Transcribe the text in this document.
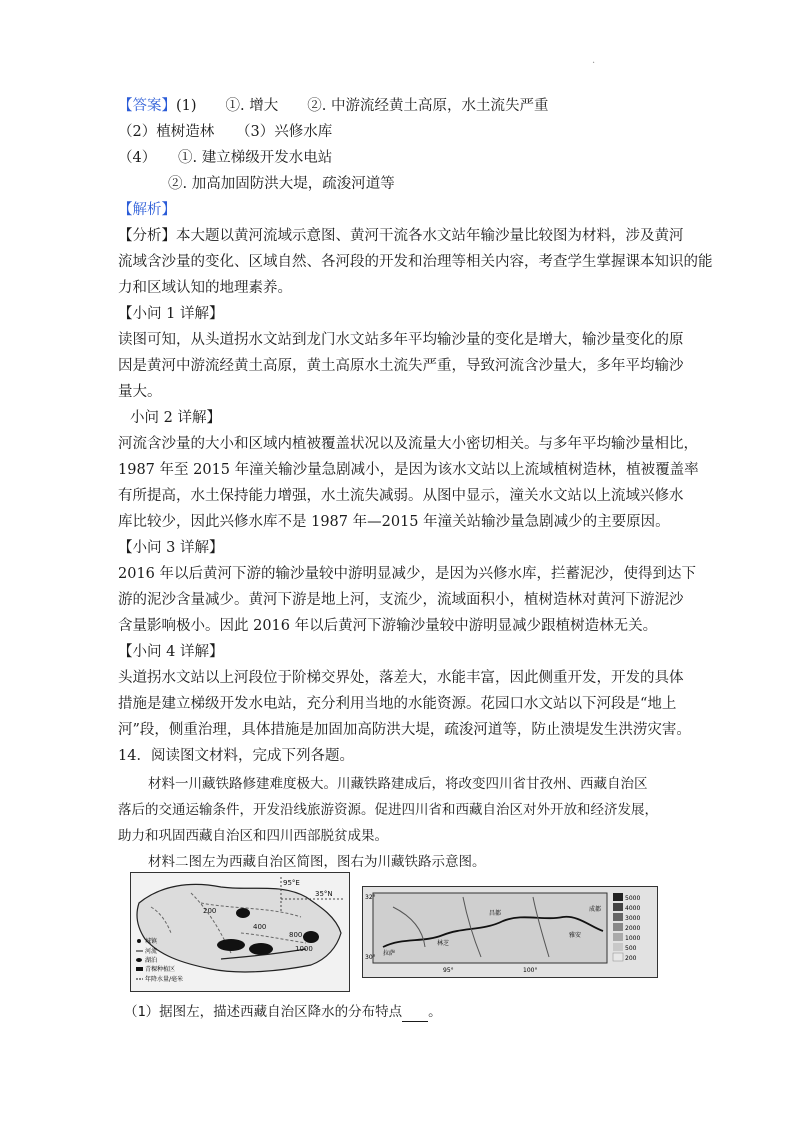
·
【答案】(1)　　①. 增大　　②. 中游流经黄土高原，水土流失严重
（2）植树造林　　（3）兴修水库
（4）　　①. 建立梯级开发水电站
②. 加高加固防洪大堤，疏浚河道等
【解析】
【分析】本大题以黄河流域示意图、黄河干流各水文站年输沙量比较图为材料，涉及黄河
流域含沙量的变化、区域自然、各河段的开发和治理等相关内容，考查学生掌握课本知识的能
力和区域认知的地理素养。
【小问 1 详解】
读图可知，从头道拐水文站到龙门水文站多年平均输沙量的变化是增大，输沙量变化的原
因是黄河中游流经黄土高原，黄土高原水土流失严重，导致河流含沙量大，多年平均输沙
量大。
小问 2 详解】
河流含沙量的大小和区域内植被覆盖状况以及流量大小密切相关。与多年平均输沙量相比，
1987 年至 2015 年潼关输沙量急剧减小，是因为该水文站以上流域植树造林，植被覆盖率
有所提高，水土保持能力增强，水土流失减弱。从图中显示，潼关水文站以上流域兴修水
库比较少，因此兴修水库不是 1987 年—2015 年潼关站输沙量急剧减少的主要原因。
【小问 3 详解】
2016 年以后黄河下游的输沙量较中游明显减少，是因为兴修水库，拦蓄泥沙，使得到达下
游的泥沙含量减少。黄河下游是地上河，支流少，流域面积小，植树造林对黄河下游泥沙
含量影响极小。因此 2016 年以后黄河下游输沙量较中游明显减少跟植树造林无关。
【小问 4 详解】
头道拐水文站以上河段位于阶梯交界处，落差大，水能丰富，因此侧重开发，开发的具体
措施是建立梯级开发水电站，充分利用当地的水能资源。花园口水文站以下河段是“地上
河”段，侧重治理，具体措施是加固加高防洪大堤，疏浚河道等，防止溃堤发生洪涝灾害。
14．阅读图文材料，完成下列各题。
材料一川藏铁路修建难度极大。川藏铁路建成后，将改变四川省甘孜州、西藏自治区
落后的交通运输条件，开发沿线旅游资源。促进四川省和西藏自治区对外开放和经济发展，
助力和巩固西藏自治区和四川西部脱贫成果。
材料二图左为西藏自治区简图，图右为川藏铁路示意图。
95°E
35°N
200
400
800
1000
城镇
河流
湖泊
青稞种植区
年降水量/毫米
32°
30°
95°	100°
拉萨
林芝
昌都
雅安
成都
5000
4000
3000
2000
1000
500
200
（1）据图左，描述西藏自治区降水的分布特点 。
